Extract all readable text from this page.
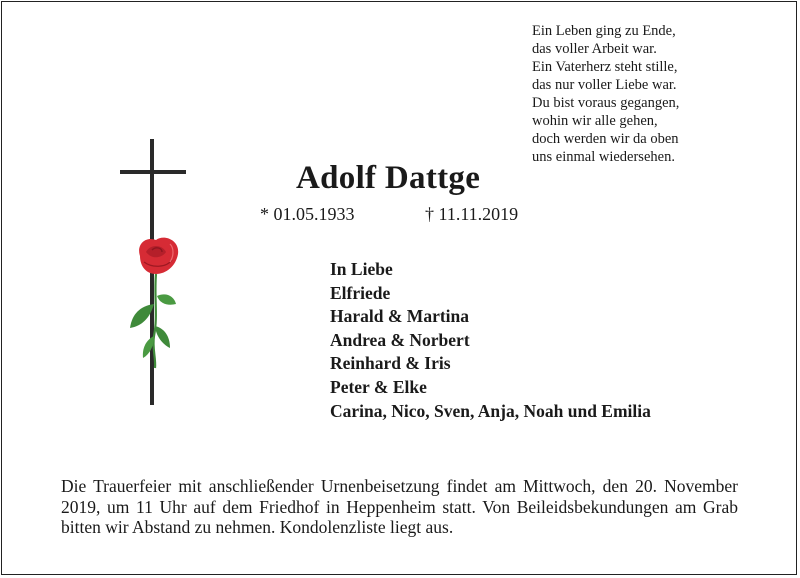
Ein Leben ging zu Ende,
das voller Arbeit war.
Ein Vaterherz steht stille,
das nur voller Liebe war.
Du bist voraus gegangen,
wohin wir alle gehen,
doch werden wir da oben
uns einmal wiedersehen.
Adolf Dattge
* 01.05.1933	† 11.11.2019
In Liebe
Elfriede
Harald & Martina
Andrea & Norbert
Reinhard & Iris
Peter & Elke
Carina, Nico, Sven, Anja, Noah und Emilia
Die Trauerfeier mit anschließender Urnenbeisetzung findet am Mittwoch, den 20. November 2019, um 11 Uhr auf dem Friedhof in Heppenheim statt. Von Beileidsbekundungen am Grab bitten wir Abstand zu nehmen. Kondolenzliste liegt aus.
